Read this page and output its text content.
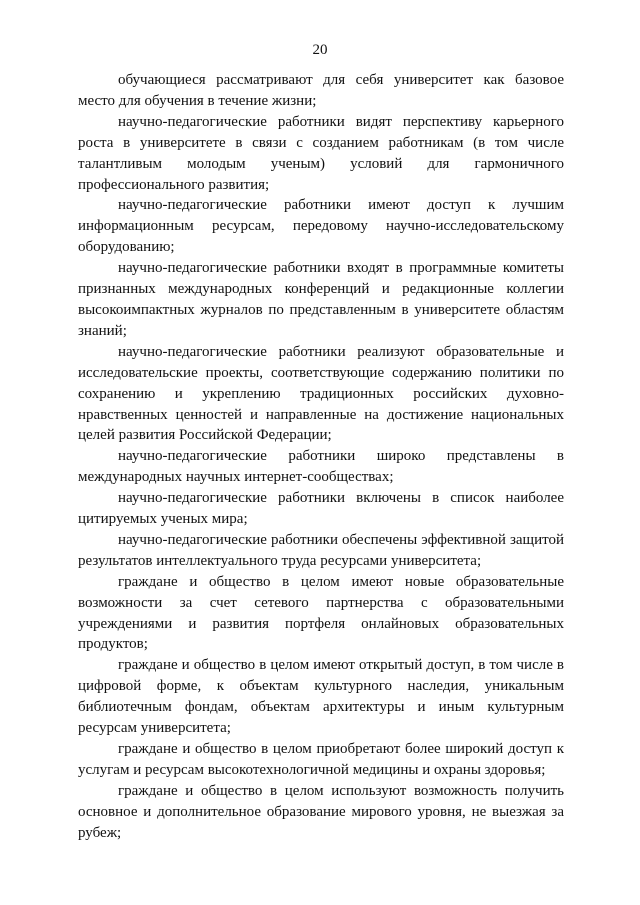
20

обучающиеся рассматривают для себя университет как базовое место для обучения в течение жизни;

научно-педагогические работники видят перспективу карьерного роста в университете в связи с созданием работникам (в том числе талантливым молодым ученым) условий для гармоничного профессионального развития;

научно-педагогические работники имеют доступ к лучшим информационным ресурсам, передовому научно-исследовательскому оборудованию;

научно-педагогические работники входят в программные комитеты признанных международных конференций и редакционные коллегии высокоимпактных журналов по представленным в университете областям знаний;

научно-педагогические работники реализуют образовательные и исследовательские проекты, соответствующие содержанию политики по сохранению и укреплению традиционных российских духовно-нравственных ценностей и направленные на достижение национальных целей развития Российской Федерации;

научно-педагогические работники широко представлены в международных научных интернет-сообществах;

научно-педагогические работники включены в список наиболее цитируемых ученых мира;

научно-педагогические работники обеспечены эффективной защитой результатов интеллектуального труда ресурсами университета;

граждане и общество в целом имеют новые образовательные возможности за счет сетевого партнерства с образовательными учреждениями и развития портфеля онлайновых образовательных продуктов;

граждане и общество в целом имеют открытый доступ, в том числе в цифровой форме, к объектам культурного наследия, уникальным библиотечным фондам, объектам архитектуры и иным культурным ресурсам университета;

граждане и общество в целом приобретают более широкий доступ к услугам и ресурсам высокотехнологичной медицины и охраны здоровья;

граждане и общество в целом используют возможность получить основное и дополнительное образование мирового уровня, не выезжая за рубеж;
